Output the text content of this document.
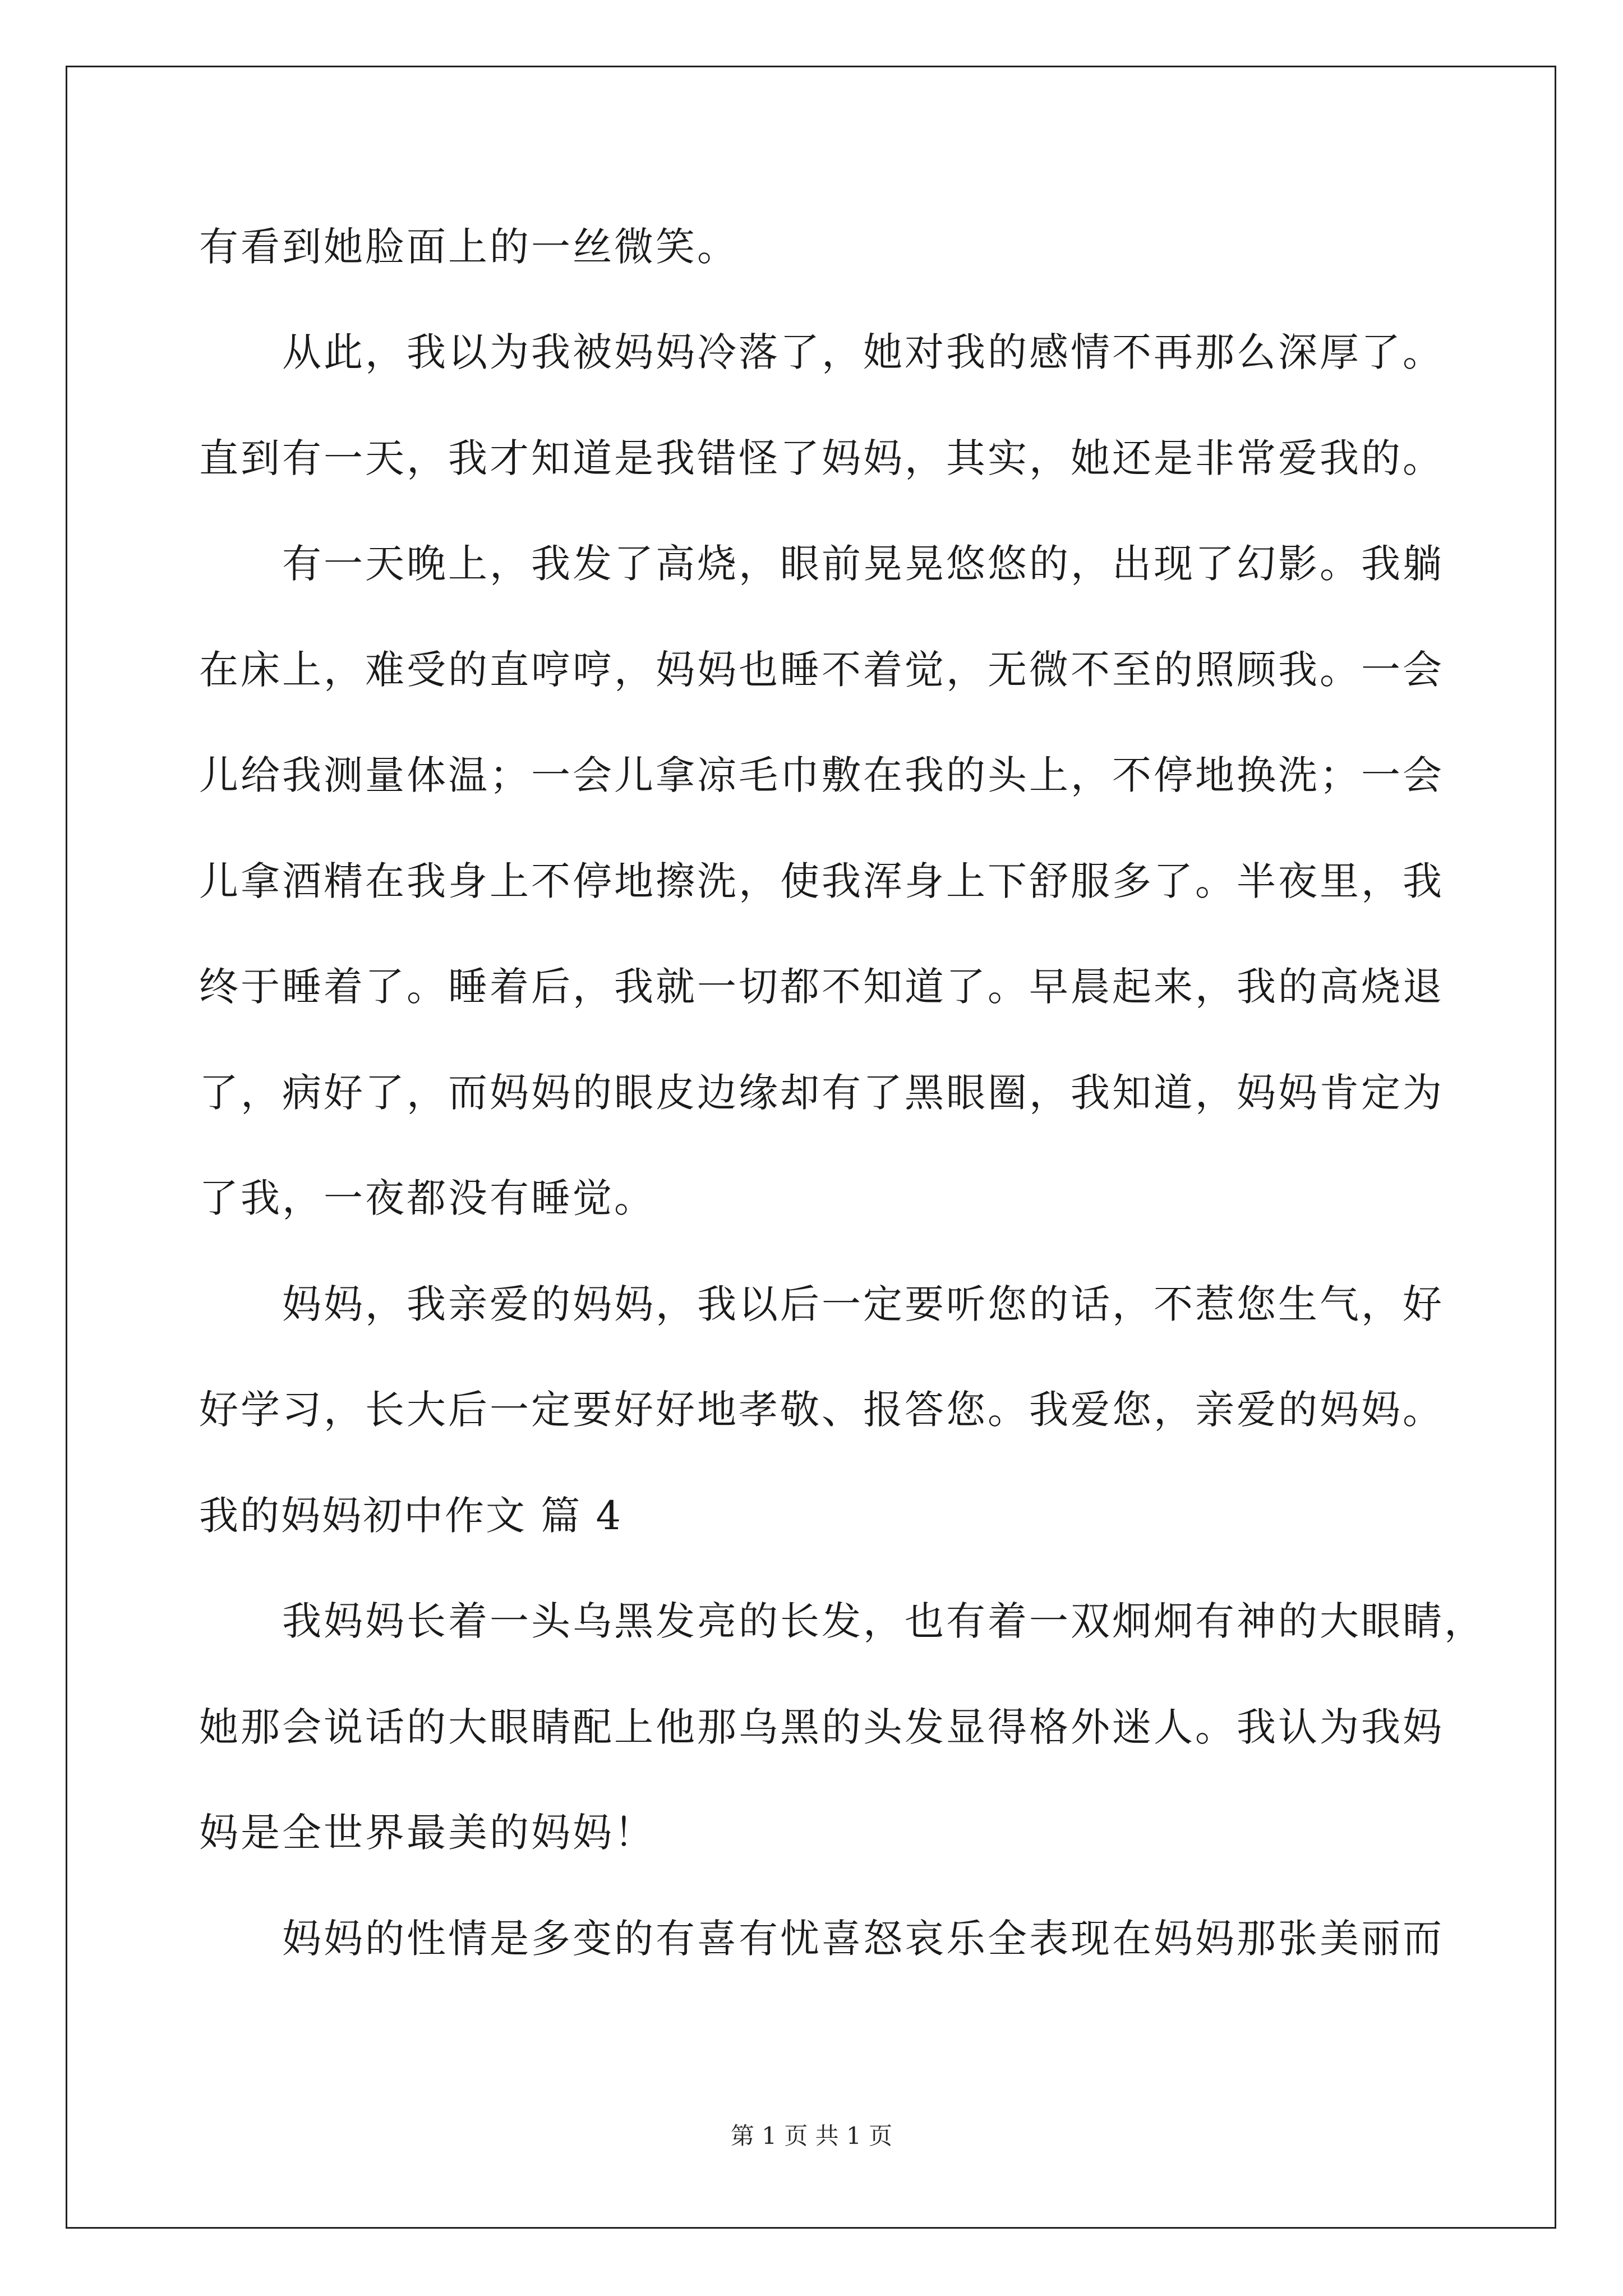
有看到她脸面上的一丝微笑。
从此，我以为我被妈妈冷落了，她对我的感情不再那么深厚了。
直到有一天，我才知道是我错怪了妈妈，其实，她还是非常爱我的。
有一天晚上，我发了高烧，眼前晃晃悠悠的，出现了幻影。我躺
在床上，难受的直哼哼，妈妈也睡不着觉，无微不至的照顾我。一会
儿给我测量体温；一会儿拿凉毛巾敷在我的头上，不停地换洗；一会
儿拿酒精在我身上不停地擦洗，使我浑身上下舒服多了。半夜里，我
终于睡着了。睡着后，我就一切都不知道了。早晨起来，我的高烧退
了，病好了，而妈妈的眼皮边缘却有了黑眼圈，我知道，妈妈肯定为
了我，一夜都没有睡觉。
妈妈，我亲爱的妈妈，我以后一定要听您的话，不惹您生气，好
好学习，长大后一定要好好地孝敬、报答您。我爱您，亲爱的妈妈。
我的妈妈初中作文 篇 4
我妈妈长着一头乌黑发亮的长发，也有着一双炯炯有神的大眼睛，
她那会说话的大眼睛配上他那乌黑的头发显得格外迷人。我认为我妈
妈是全世界最美的妈妈！
妈妈的性情是多变的有喜有忧喜怒哀乐全表现在妈妈那张美丽而
第 1 页 共 1 页
